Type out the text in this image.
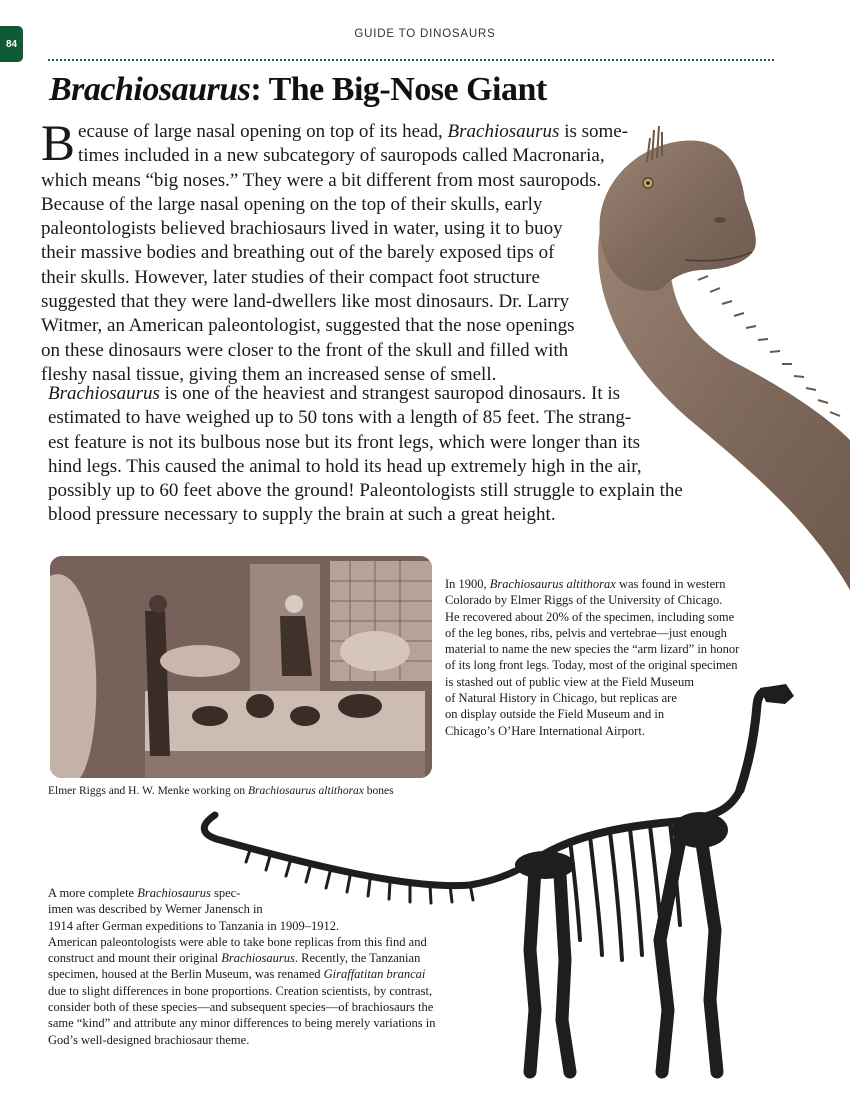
84
GUIDE TO DINOSAURS
Brachiosaurus: The Big-Nose Giant
B ecause of large nasal opening on top of its head, Brachiosaurus is some-
times included in a new subcategory of sauropods called Macronaria,
which means “big noses.” They were a bit different from most sauropods.
Because of the large nasal opening on the top of their skulls, early
paleontologists believed brachiosaurs lived in water, using it to buoy
their massive bodies and breathing out of the barely exposed tips of
their skulls. However, later studies of their compact foot structure
suggested that they were land-dwellers like most dinosaurs. Dr. Larry
Witmer, an American paleontologist, suggested that the nose openings
on these dinosaurs were closer to the front of the skull and filled with
fleshy nasal tissue, giving them an increased sense of smell.
Brachiosaurus is one of the heaviest and strangest sauropod dinosaurs. It is
estimated to have weighed up to 50 tons with a length of 85 feet. The strang-
est feature is not its bulbous nose but its front legs, which were longer than its
hind legs. This caused the animal to hold its head up extremely high in the air,
possibly up to 60 feet above the ground! Paleontologists still struggle to explain the
blood pressure necessary to supply the brain at such a great height.
Elmer Riggs and H. W. Menke working on Brachiosaurus altithorax bones
In 1900, Brachiosaurus altithorax was found in western
Colorado by Elmer Riggs of the University of Chicago.
He recovered about 20% of the specimen, including some
of the leg bones, ribs, pelvis and vertebrae—just enough
material to name the new species the “arm lizard” in honor
of its long front legs. Today, most of the original specimen
is stashed out of public view at the Field Museum
of Natural History in Chicago, but replicas are
on display outside the Field Museum and in
Chicago’s O’Hare International Airport.
A more complete Brachiosaurus spec-
imen was described by Werner Janensch in
1914 after German expeditions to Tanzania in 1909–1912.
American paleontologists were able to take bone replicas from this find and
construct and mount their original Brachiosaurus. Recently, the Tanzanian
specimen, housed at the Berlin Museum, was renamed Giraffatitan brancai
due to slight differences in bone proportions. Creation scientists, by contrast,
consider both of these species—and subsequent species—of brachiosaurs the
same “kind” and attribute any minor differences to being merely variations in
God’s well-designed brachiosaur theme.
